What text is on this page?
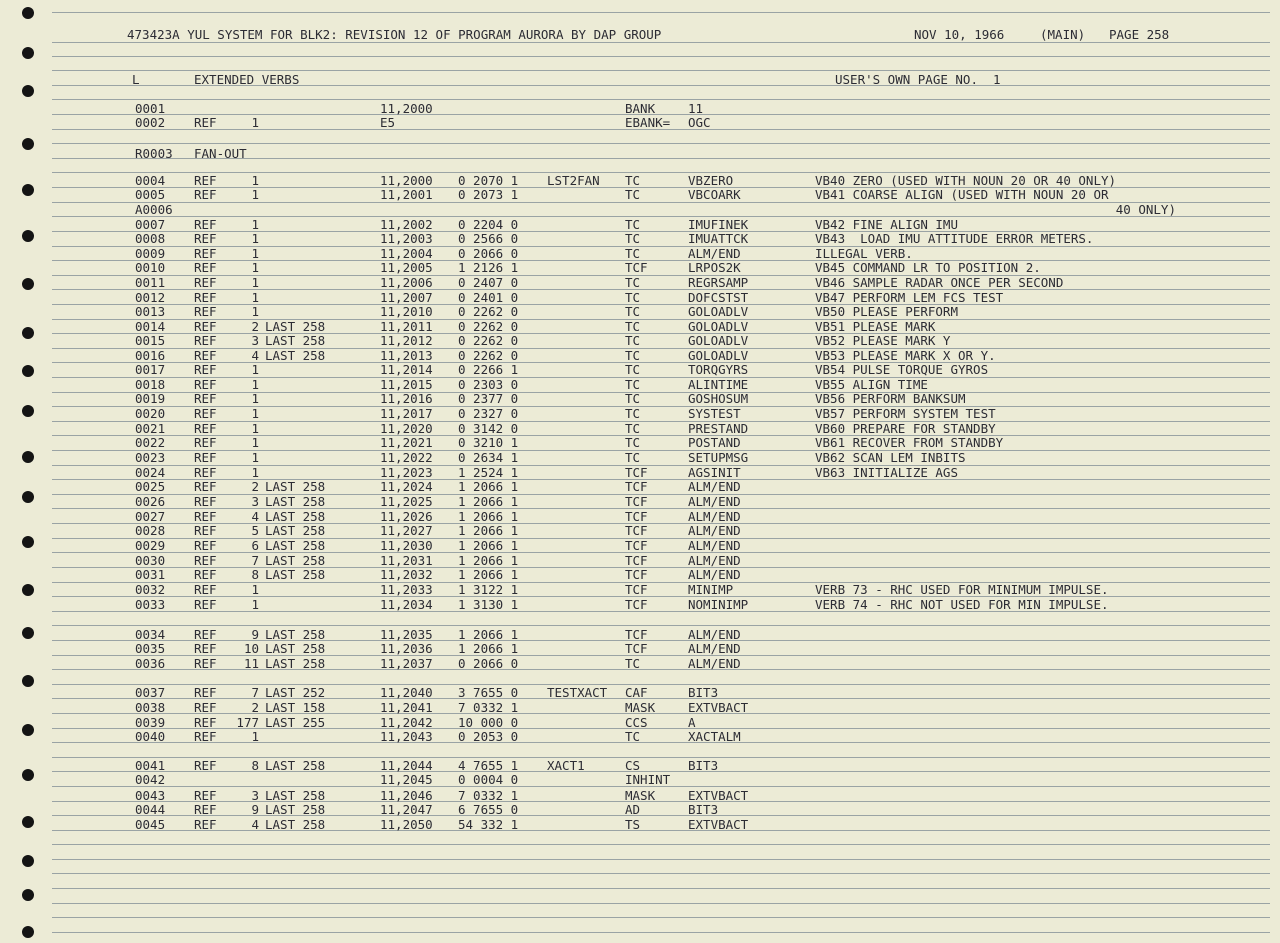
473423A YUL SYSTEM FOR BLK2: REVISION 12 OF PROGRAM AURORA BY DAP GROUP	NOV 10, 1966	(MAIN) PAGE 258
L	EXTENDED VERBS	USER'S OWN PAGE NO.  1
0001	11,2000	BANK	11
0002 REF	1	E5	EBANK= OGC
R0003 FAN-OUT
0004 REF	1	11,2000 0 2070 1 LST2FAN TC	VBZERO	VB40 ZERO (USED WITH NOUN 20 OR 40 ONLY)
0005 REF	1	11,2001 0 2073 1	TC	VBCOARK	VB41 COARSE ALIGN (USED WITH NOUN 20 OR
A0006	40 ONLY)
0007 REF	1	11,2002 0 2204 0	TC	IMUFINEK	VB42 FINE ALIGN IMU
0008 REF	1	11,2003 0 2566 0	TC	IMUATTCK	VB43  LOAD IMU ATTITUDE ERROR METERS.
0009 REF	1	11,2004 0 2066 0	TC	ALM/END	ILLEGAL VERB.
0010 REF	1	11,2005 1 2126 1	TCF	LRPOS2K	VB45 COMMAND LR TO POSITION 2.
0011 REF	1	11,2006 0 2407 0	TC	REGRSAMP	VB46 SAMPLE RADAR ONCE PER SECOND
0012 REF	1	11,2007 0 2401 0	TC	DOFCSTST	VB47 PERFORM LEM FCS TEST
0013 REF	1	11,2010 0 2262 0	TC	GOLOADLV	VB50 PLEASE PERFORM
0014 REF	2 LAST 258	11,2011 0 2262 0	TC	GOLOADLV	VB51 PLEASE MARK
0015 REF	3 LAST 258	11,2012 0 2262 0	TC	GOLOADLV	VB52 PLEASE MARK Y
0016 REF	4 LAST 258	11,2013 0 2262 0	TC	GOLOADLV	VB53 PLEASE MARK X OR Y.
0017 REF	1	11,2014 0 2266 1	TC	TORQGYRS	VB54 PULSE TORQUE GYROS
0018 REF	1	11,2015 0 2303 0	TC	ALINTIME	VB55 ALIGN TIME
0019 REF	1	11,2016 0 2377 0	TC	GOSHOSUM	VB56 PERFORM BANKSUM
0020 REF	1	11,2017 0 2327 0	TC	SYSTEST	VB57 PERFORM SYSTEM TEST
0021 REF	1	11,2020 0 3142 0	TC	PRESTAND	VB60 PREPARE FOR STANDBY
0022 REF	1	11,2021 0 3210 1	TC	POSTAND	VB61 RECOVER FROM STANDBY
0023 REF	1	11,2022 0 2634 1	TC	SETUPMSG	VB62 SCAN LEM INBITS
0024 REF	1	11,2023 1 2524 1	TCF	AGSINIT	VB63 INITIALIZE AGS
0025 REF	2 LAST 258	11,2024 1 2066 1	TCF	ALM/END
0026 REF	3 LAST 258	11,2025 1 2066 1	TCF	ALM/END
0027 REF	4 LAST 258	11,2026 1 2066 1	TCF	ALM/END
0028 REF	5 LAST 258	11,2027 1 2066 1	TCF	ALM/END
0029 REF	6 LAST 258	11,2030 1 2066 1	TCF	ALM/END
0030 REF	7 LAST 258	11,2031 1 2066 1	TCF	ALM/END
0031 REF	8 LAST 258	11,2032 1 2066 1	TCF	ALM/END
0032 REF	1	11,2033 1 3122 1	TCF	MINIMP	VERB 73 - RHC USED FOR MINIMUM IMPULSE.
0033 REF	1	11,2034 1 3130 1	TCF	NOMINIMP	VERB 74 - RHC NOT USED FOR MIN IMPULSE.
0034 REF	9 LAST 258	11,2035 1 2066 1	TCF	ALM/END
0035 REF	10 LAST 258	11,2036 1 2066 1	TCF	ALM/END
0036 REF	11 LAST 258	11,2037 0 2066 0	TC	ALM/END
0037 REF	7 LAST 252	11,2040 3 7655 0 TESTXACT CAF	BIT3
0038 REF	2 LAST 158	11,2041 7 0332 1	MASK	EXTVBACT
0039 REF	177 LAST 255	11,2042 10 000 0	CCS	A
0040 REF	1	11,2043 0 2053 0	TC	XACTALM
0041 REF	8 LAST 258	11,2044 4 7655 1 XACT1	CS	BIT3
0042	11,2045 0 0004 0	INHINT
0043 REF	3 LAST 258	11,2046 7 0332 1	MASK	EXTVBACT
0044 REF	9 LAST 258	11,2047 6 7655 0	AD	BIT3
0045 REF	4 LAST 258	11,2050 54 332 1	TS	EXTVBACT
